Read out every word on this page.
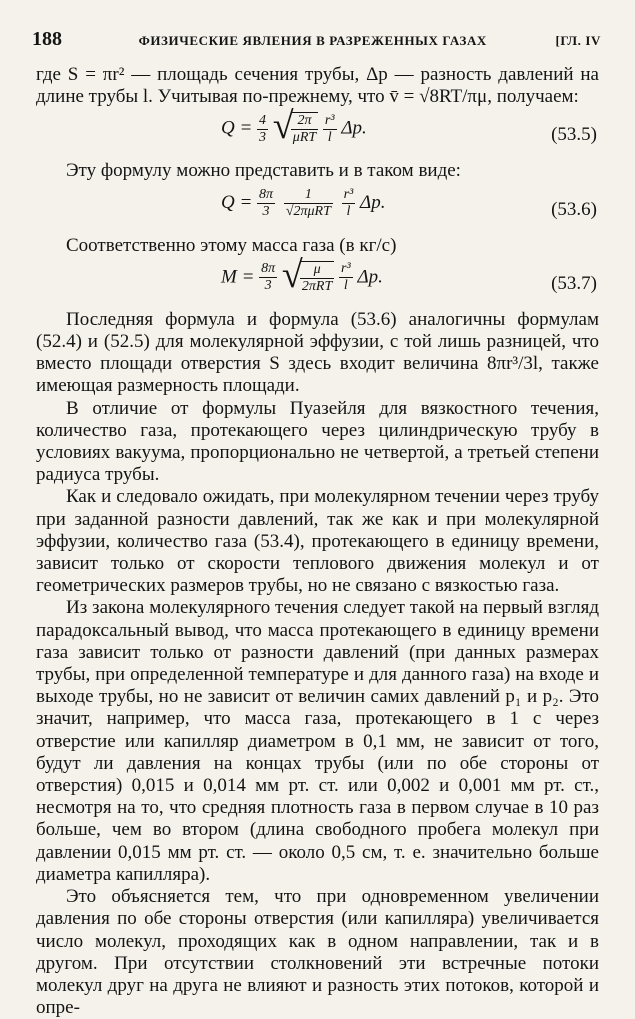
188	ФИЗИЧЕСКИЕ ЯВЛЕНИЯ В РАЗРЕЖЕННЫХ ГАЗАХ	[ГЛ. IV

где S = πr² — площадь сечения трубы, Δp — разность давлений на длине трубы l. Учитывая по-прежнему, что v̄ = √8RT/πμ, получаем:

$Q = \frac{4}{3}$
√
$\frac{2\pi}{\text{μRT}}$
$\frac{\text{r³}}{l} \Delta p$.	(53.5)

Эту формулу можно представить и в таком виде:

$Q = \frac{8\pi}{3}$
$\frac{1}{\text{√2πμRT}}$
$\frac{\text{r³}}{l} \Delta p$.	(53.6)

Соответственно этому масса газа (в кг/с)

$M = \frac{8\pi}{3}$
√
$\frac{\mu}{\text{2πRT}}$
$\frac{\text{r³}}{l} \Delta p$.	(53.7)

Последняя формула и формула (53.6) аналогичны формулам (52.4) и (52.5) для молекулярной эффузии, с той лишь разницей, что вместо площади отверстия S здесь входит величина 8πr³/3l, также имеющая размерность площади.

В отличие от формулы Пуазейля для вязкостного течения, количество газа, протекающего через цилиндрическую трубу в условиях вакуума, пропорционально не четвертой, а третьей степени радиуса трубы.

Как и следовало ожидать, при молекулярном течении через трубу при заданной разности давлений, так же как и при молекулярной эффузии, количество газа (53.4), протекающего в единицу времени, зависит только от скорости теплового движения молекул и от геометрических размеров трубы, но не связано с вязкостью газа.

Из закона молекулярного течения следует такой на первый взгляд парадоксальный вывод, что масса протекающего в единицу времени газа зависит только от разности давлений (при данных размерах трубы, при определенной температуре и для данного газа) на входе и выходе трубы, но не зависит от величин самих давлений p₁ и p₂. Это значит, например, что масса газа, протекающего в 1 с через отверстие или капилляр диаметром в 0,1 мм, не зависит от того, будут ли давления на концах трубы (или по обе стороны от отверстия) 0,015 и 0,014 мм рт. ст. или 0,002 и 0,001 мм рт. ст., несмотря на то, что средняя плотность газа в первом случае в 10 раз больше, чем во втором (длина свободного пробега молекул при давлении 0,015 мм рт. ст. — около 0,5 см, т. е. значительно больше диаметра капилляра).

Это объясняется тем, что при одновременном увеличении давления по обе стороны отверстия (или капилляра) увеличивается число молекул, проходящих как в одном направлении, так и в другом. При отсутствии столкновений эти встречные потоки молекул друг на друга не влияют и разность этих потоков, которой и опре-
